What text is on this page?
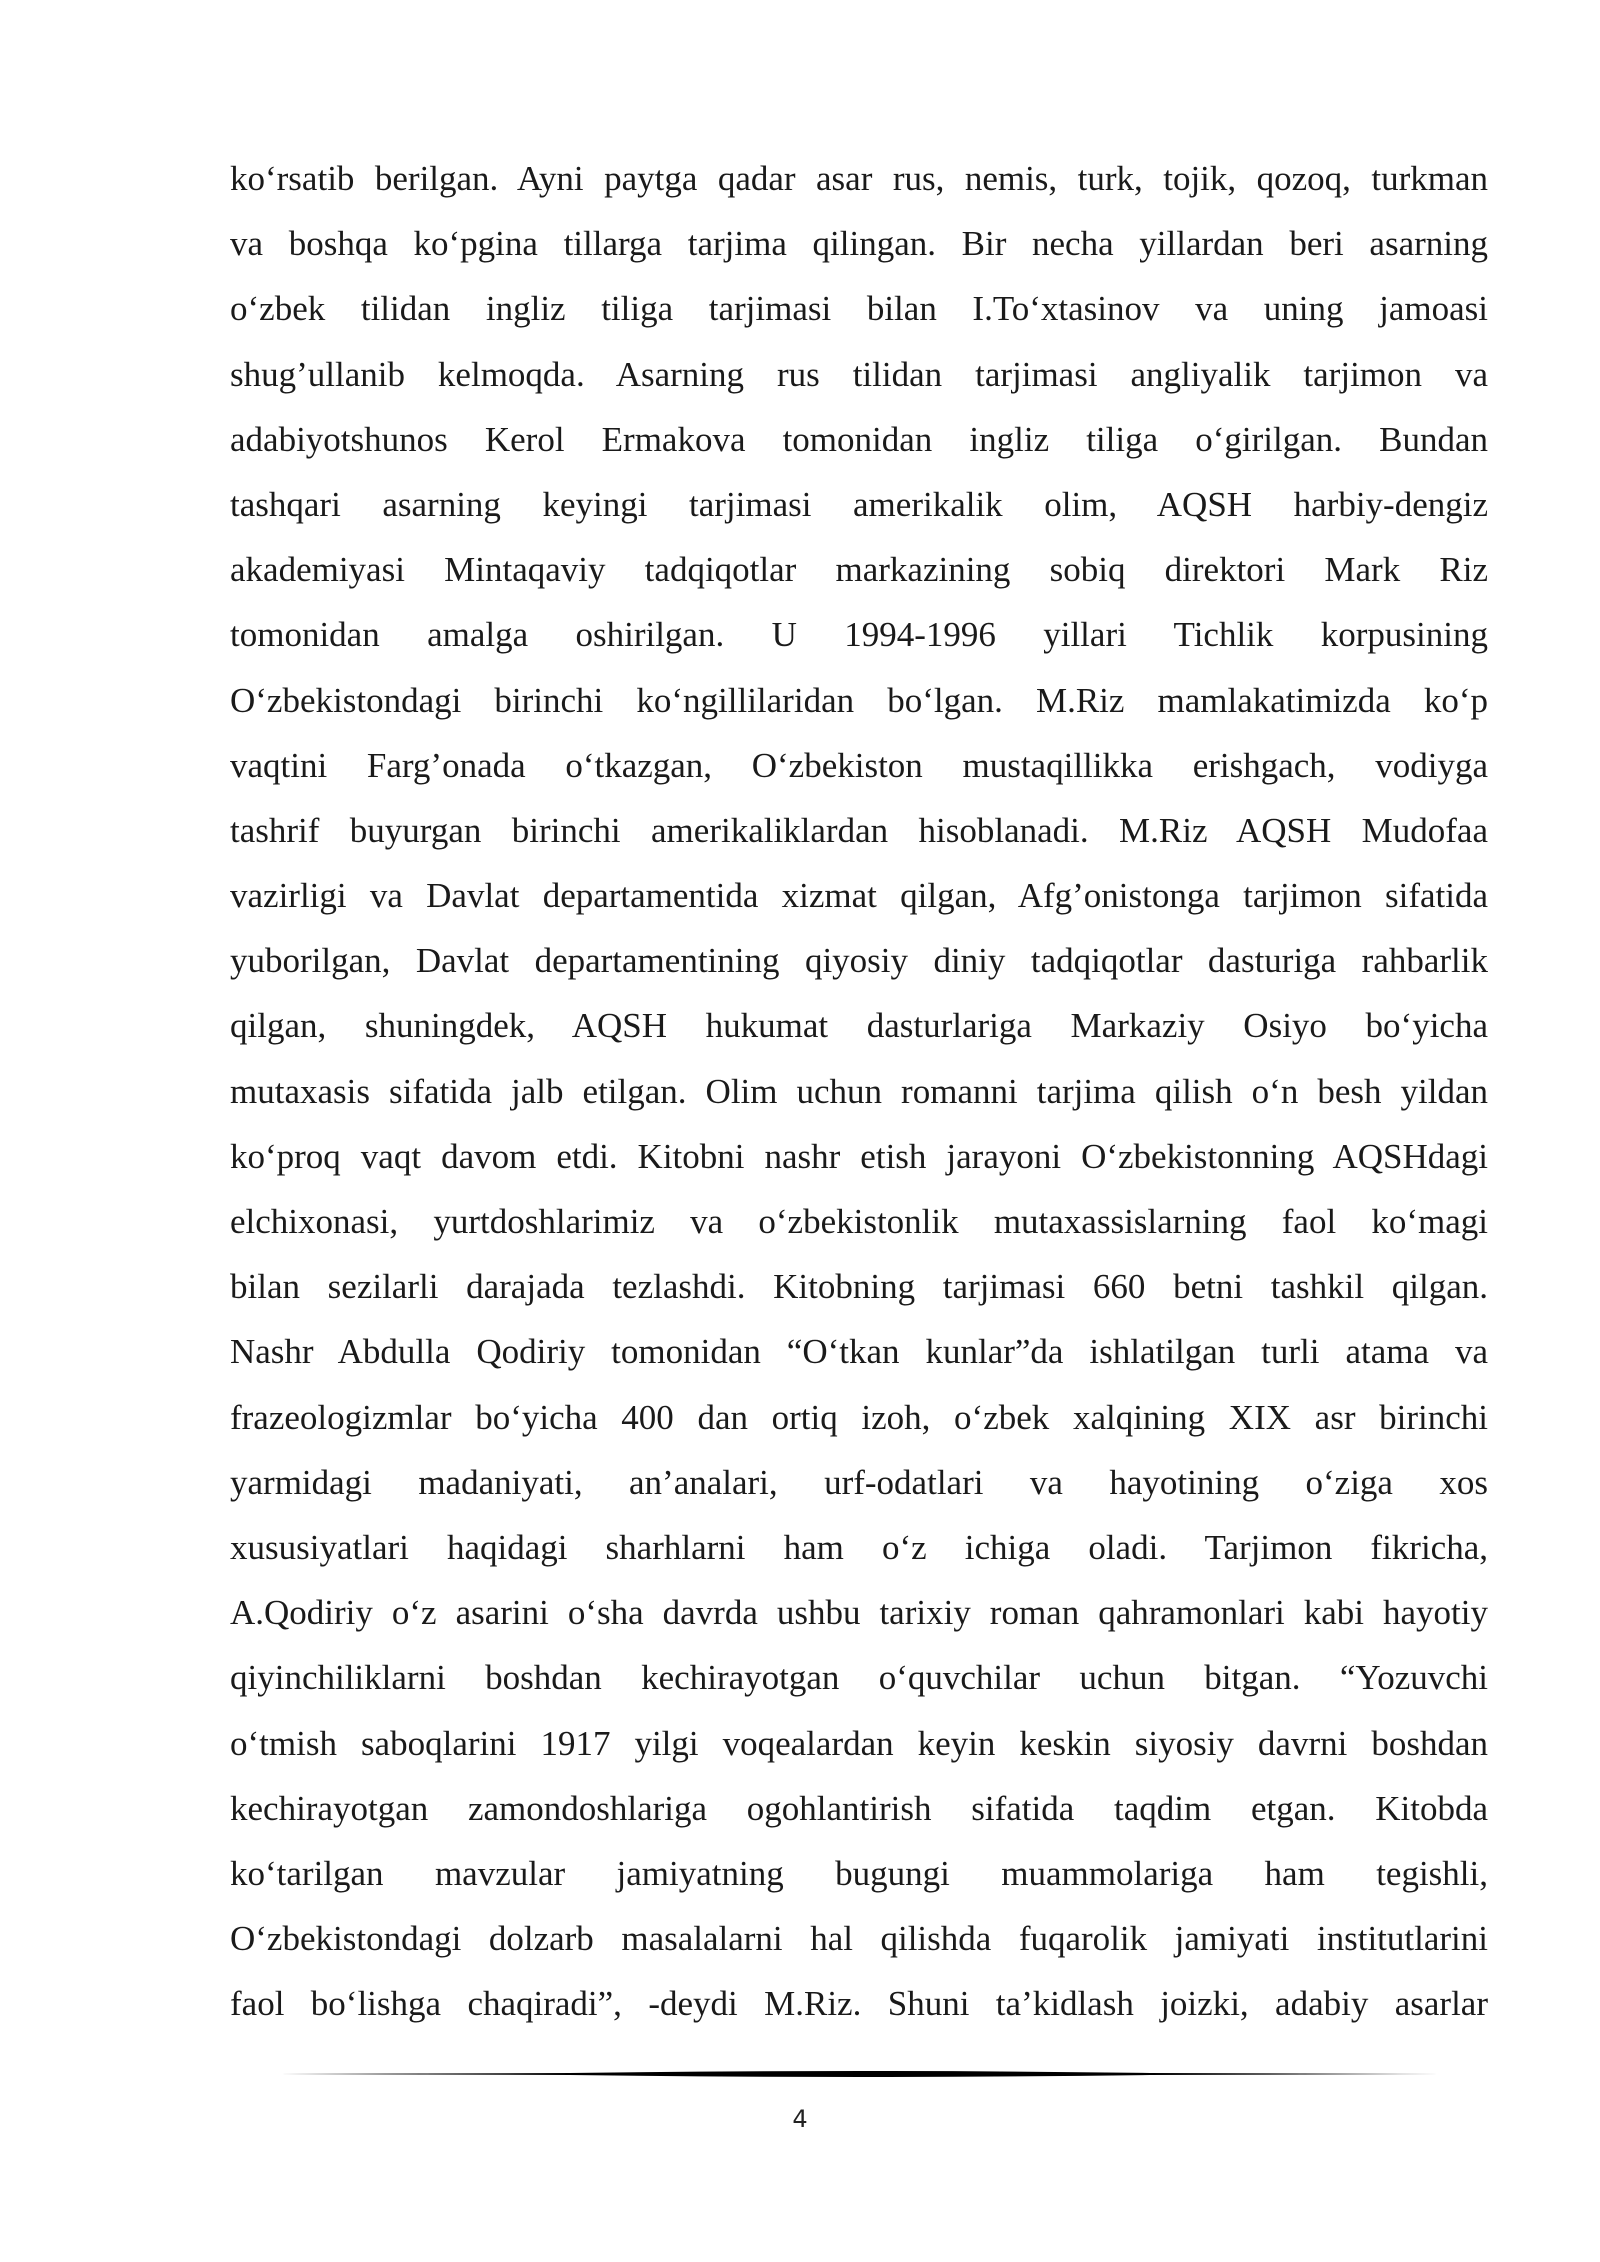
ko‘rsatib berilgan. Ayni paytga qadar asar rus, nemis, turk, tojik, qozoq, turkman
va boshqa ko‘pgina tillarga tarjima qilingan. Bir necha yillardan beri asarning
o‘zbek tilidan ingliz tiliga tarjimasi bilan I.To‘xtasinov va uning jamoasi
shug’ullanib kelmoqda. Asarning rus tilidan tarjimasi angliyalik tarjimon va
adabiyotshunos Kerol Ermakova tomonidan ingliz tiliga o‘girilgan. Bundan
tashqari asarning keyingi tarjimasi amerikalik olim, AQSH harbiy-dengiz
akademiyasi Mintaqaviy tadqiqotlar markazining sobiq direktori Mark Riz
tomonidan amalga oshirilgan. U 1994-1996 yillari Tichlik korpusining
O‘zbekistondagi birinchi ko‘ngillilaridan bo‘lgan. M.Riz mamlakatimizda ko‘p
vaqtini Farg’onada o‘tkazgan, O‘zbekiston mustaqillikka erishgach, vodiyga
tashrif buyurgan birinchi amerikaliklardan hisoblanadi. M.Riz AQSH Mudofaa
vazirligi va Davlat departamentida xizmat qilgan, Afg’onistonga tarjimon sifatida
yuborilgan, Davlat departamentining qiyosiy diniy tadqiqotlar dasturiga rahbarlik
qilgan, shuningdek, AQSH hukumat dasturlariga Markaziy Osiyo bo‘yicha
mutaxasis sifatida jalb etilgan. Olim uchun romanni tarjima qilish o‘n besh yildan
ko‘proq vaqt davom etdi. Kitobni nashr etish jarayoni O‘zbekistonning AQSHdagi
elchixonasi, yurtdoshlarimiz va o‘zbekistonlik mutaxassislarning faol ko‘magi
bilan sezilarli darajada tezlashdi. Kitobning tarjimasi 660 betni tashkil qilgan.
Nashr Abdulla Qodiriy tomonidan “O‘tkan kunlar”da ishlatilgan turli atama va
frazeologizmlar bo‘yicha 400 dan ortiq izoh, o‘zbek xalqining XIX asr birinchi
yarmidagi madaniyati, an’analari, urf-odatlari va hayotining o‘ziga xos
xususiyatlari haqidagi sharhlarni ham o‘z ichiga oladi. Tarjimon fikricha,
A.Qodiriy o‘z asarini o‘sha davrda ushbu tarixiy roman qahramonlari kabi hayotiy
qiyinchiliklarni boshdan kechirayotgan o‘quvchilar uchun bitgan. “Yozuvchi
o‘tmish saboqlarini 1917 yilgi voqealardan keyin keskin siyosiy davrni boshdan
kechirayotgan zamondoshlariga ogohlantirish sifatida taqdim etgan. Kitobda
ko‘tarilgan mavzular jamiyatning bugungi muammolariga ham tegishli,
O‘zbekistondagi dolzarb masalalarni hal qilishda fuqarolik jamiyati institutlarini
faol bo‘lishga chaqiradi”, -deydi M.Riz. Shuni ta’kidlash joizki, adabiy asarlar
4
